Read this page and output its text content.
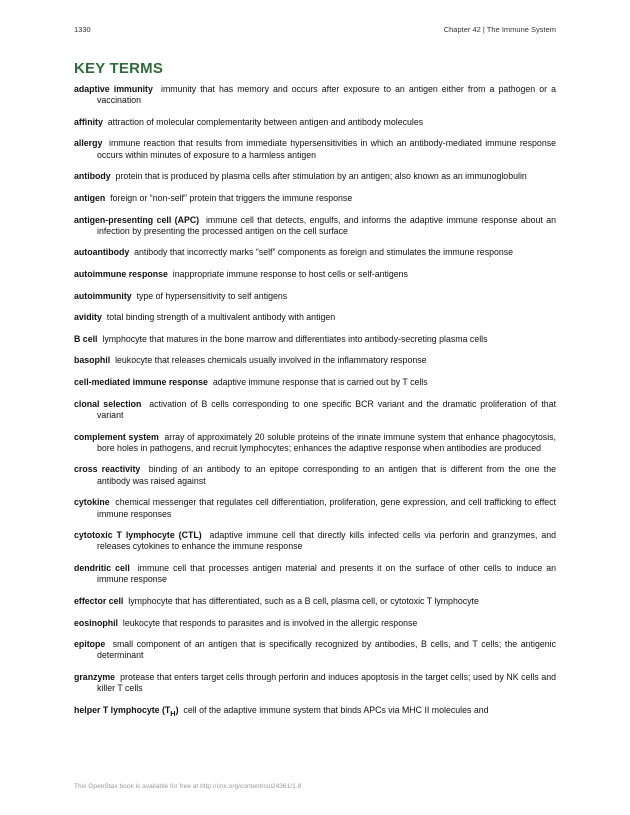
1330	Chapter 42 | The Immune System
KEY TERMS

adaptive immunity immunity that has memory and occurs after exposure to an antigen either from a pathogen or a vaccination

affinity attraction of molecular complementarity between antigen and antibody molecules

allergy immune reaction that results from immediate hypersensitivities in which an antibody-mediated immune response occurs within minutes of exposure to a harmless antigen

antibody protein that is produced by plasma cells after stimulation by an antigen; also known as an immunoglobulin

antigen foreign or “non-self” protein that triggers the immune response

antigen-presenting cell (APC) immune cell that detects, engulfs, and informs the adaptive immune response about an infection by presenting the processed antigen on the cell surface

autoantibody antibody that incorrectly marks “self” components as foreign and stimulates the immune response

autoimmune response inappropriate immune response to host cells or self-antigens

autoimmunity type of hypersensitivity to self antigens

avidity total binding strength of a multivalent antibody with antigen

B cell lymphocyte that matures in the bone marrow and differentiates into antibody-secreting plasma cells

basophil leukocyte that releases chemicals usually involved in the inflammatory response

cell-mediated immune response adaptive immune response that is carried out by T cells

clonal selection activation of B cells corresponding to one specific BCR variant and the dramatic proliferation of that variant

complement system array of approximately 20 soluble proteins of the innate immune system that enhance phagocytosis, bore holes in pathogens, and recruit lymphocytes; enhances the adaptive response when antibodies are produced

cross reactivity binding of an antibody to an epitope corresponding to an antigen that is different from the one the antibody was raised against

cytokine chemical messenger that regulates cell differentiation, proliferation, gene expression, and cell trafficking to effect immune responses

cytotoxic T lymphocyte (CTL) adaptive immune cell that directly kills infected cells via perforin and granzymes, and releases cytokines to enhance the immune response

dendritic cell immune cell that processes antigen material and presents it on the surface of other cells to induce an immune response

effector cell lymphocyte that has differentiated, such as a B cell, plasma cell, or cytotoxic T lymphocyte

eosinophil leukocyte that responds to parasites and is involved in the allergic response

epitope small component of an antigen that is specifically recognized by antibodies, B cells, and T cells; the antigenic determinant

granzyme protease that enters target cells through perforin and induces apoptosis in the target cells; used by NK cells and killer T cells

helper T lymphocyte $(T_H)$ cell of the adaptive immune system that binds APCs via MHC II molecules and

This OpenStax book is available for free at http://cnx.org/content/col24361/1.8
